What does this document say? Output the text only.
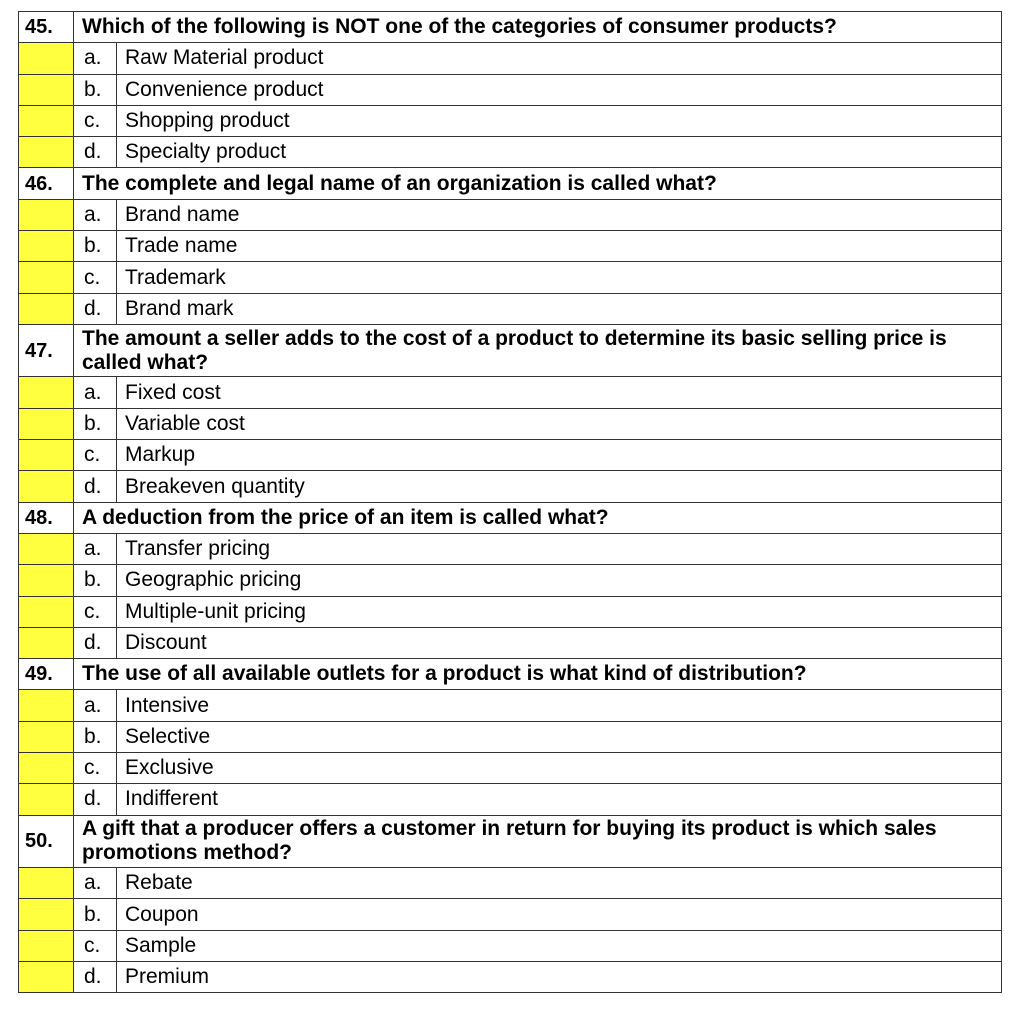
45.	Which of the following is NOT one of the categories of consumer products?	
	a.	Raw Material product
	b.	Convenience product
	c.	Shopping product
	d.	Specialty product
46.	The complete and legal name of an organization is called what?	
	a.	Brand name
	b.	Trade name
	c.	Trademark
	d.	Brand mark
47.	The amount a seller adds to the cost of a product to determine its basic selling price is called what?	
	a.	Fixed cost
	b.	Variable cost
	c.	Markup
	d.	Breakeven quantity
48.	A deduction from the price of an item is called what?	
	a.	Transfer pricing
	b.	Geographic pricing
	c.	Multiple-unit pricing
	d.	Discount
49.	The use of all available outlets for a product is what kind of distribution?	
	a.	Intensive
	b.	Selective
	c.	Exclusive
	d.	Indifferent
50.	A gift that a producer offers a customer in return for buying its product is which sales promotions method?	
	a.	Rebate
	b.	Coupon
	c.	Sample
	d.	Premium
